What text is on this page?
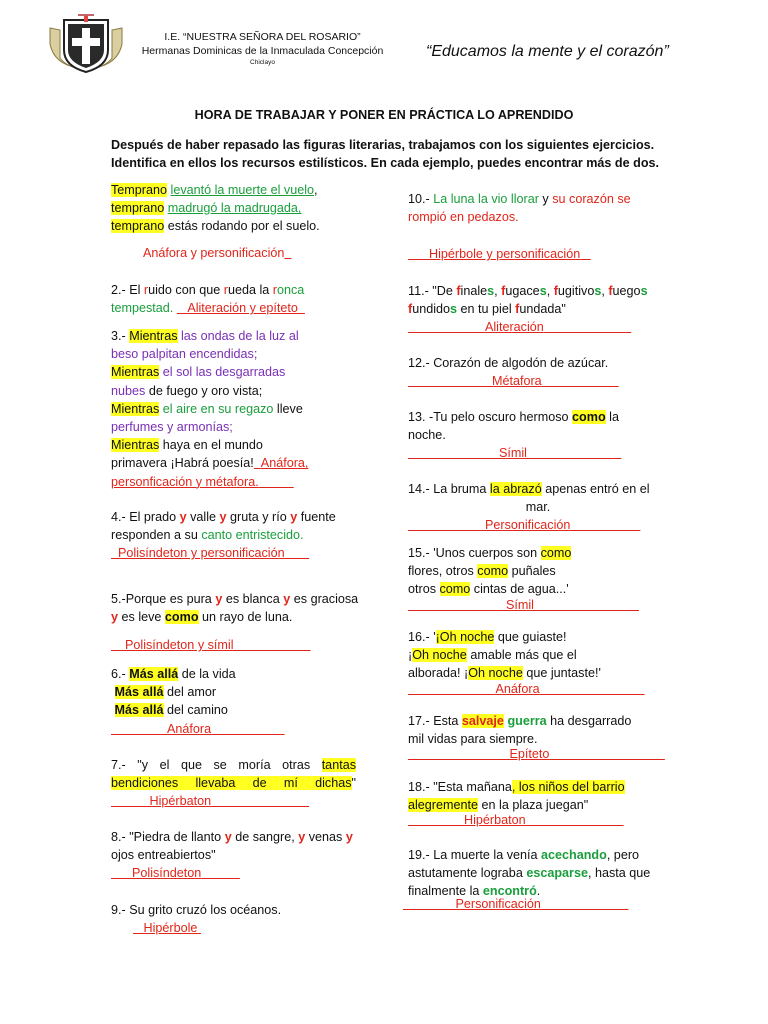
I.E. “NUESTRA SEÑORA DEL ROSARIO”
Hermanas Dominicas de la Inmaculada Concepción
Chiclayo
“Educamos la mente y el corazón”
HORA DE TRABAJAR Y PONER EN PRÁCTICA LO APRENDIDO
Después de haber repasado las figuras literarias, trabajamos con los siguientes ejercicios. Identifica en ellos los recursos estilísticos. En cada ejemplo, puedes encontrar más de dos.
Temprano levantó la muerte el vuelo,
temprano madrugó la madrugada,
temprano estás rodando por el suelo.
Anáfora y personificación
2.- El ruido con que rueda la ronca
tempestad. Aliteración y epíteto
3.- Mientras las ondas de la luz al
beso palpitan encendidas;
Mientras el sol las desgarradas
nubes de fuego y oro vista;
Mientras el aire en su regazo lleve
perfumes y armonías;
Mientras haya en el mundo
primavera ¡Habrá poesía! Anáfora,
personficación y métafora.
4.- El prado y valle y gruta y río y fuente
responden a su canto entristecido.
Polisíndeton y personificación
5.-Porque es pura y es blanca y es graciosa
y es leve como un rayo de luna.
Polisíndeton y símil
6.- Más allá de la vida
Más allá del amor
Más allá del camino
Anáfora
7.- "y el que se moría otras tantas
bendiciones llevaba de mí dichas"
Hipérbaton
8.- "Piedra de llanto y de sangre, y venas y
ojos entreabiertos"
Polisíndeton
9.- Su grito cruzó los océanos.
Hipérbole
10.- La luna la vio llorar y su corazón se
rompió en pedazos.
Hipérbole y personificación
11.- "De finales, fugaces, fugitivos, fuegos
fundidos en tu piel fundada"
Aliteración
12.- Corazón de algodón de azúcar.
Métafora
13. -Tu pelo oscuro hermoso como la
noche.
Símil
14.- La bruma la abrazó apenas entró en el
mar.
Personificación
15.- 'Unos cuerpos son como
flores, otros como puñales
otros como cintas de agua...'
Símil
16.- '¡Oh noche que guiaste!
¡Oh noche amable más que el
alborada! ¡Oh noche que juntaste!'
Anáfora
17.- Esta salvaje guerra ha desgarrado
mil vidas para siempre.
Epíteto
18.- "Esta mañana, los niños del barrio
alegremente en la plaza juegan"
Hipérbaton
19.- La muerte la venía acechando, pero
astutamente lograba escaparse, hasta que
finalmente la encontró.
Personificación
